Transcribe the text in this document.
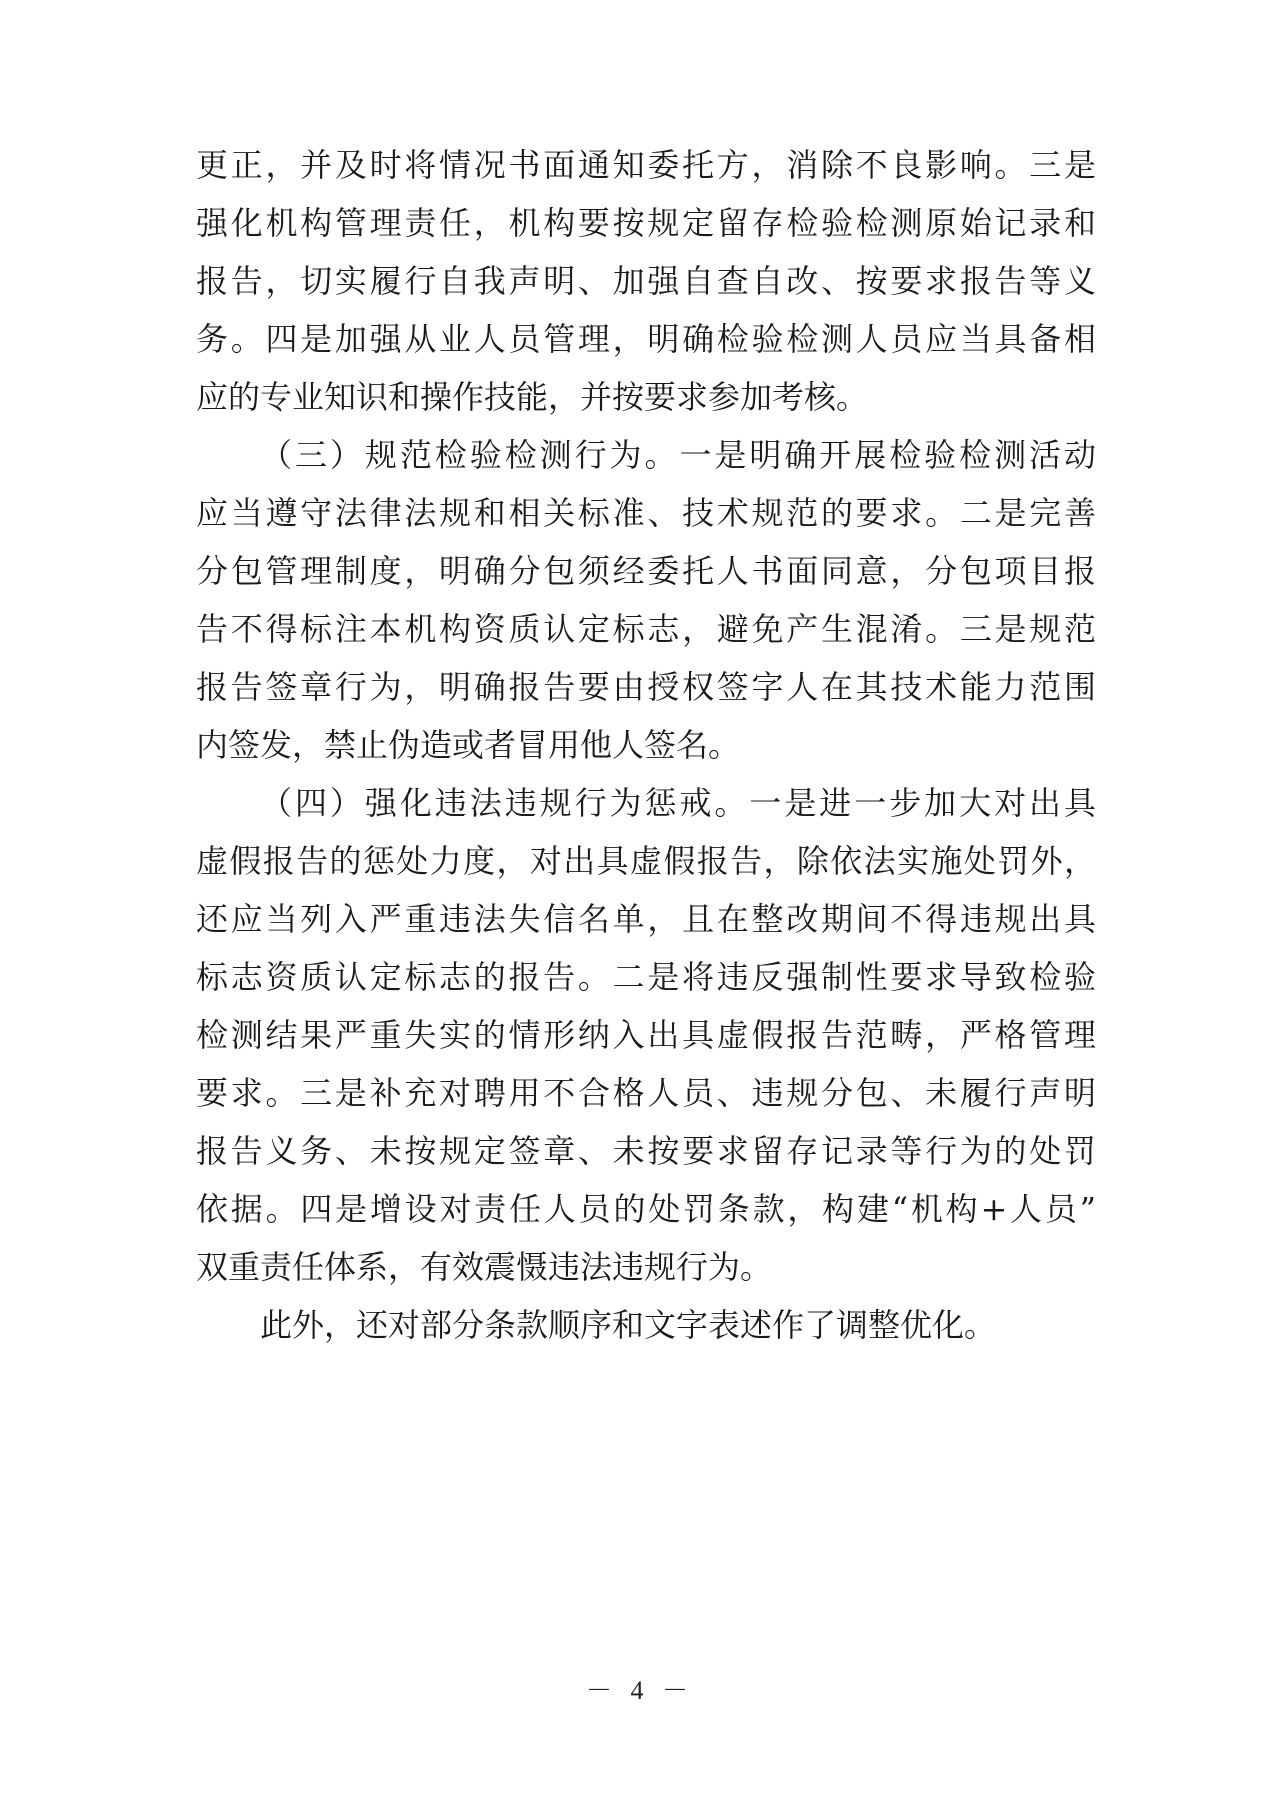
更正，并及时将情况书面通知委托方，消除不良影响。三是
强化机构管理责任，机构要按规定留存检验检测原始记录和
报告，切实履行自我声明、加强自查自改、按要求报告等义
务。四是加强从业人员管理，明确检验检测人员应当具备相
应的专业知识和操作技能，并按要求参加考核。
（三）规范检验检测行为。一是明确开展检验检测活动
应当遵守法律法规和相关标准、技术规范的要求。二是完善
分包管理制度，明确分包须经委托人书面同意，分包项目报
告不得标注本机构资质认定标志，避免产生混淆。三是规范
报告签章行为，明确报告要由授权签字人在其技术能力范围
内签发，禁止伪造或者冒用他人签名。
（四）强化违法违规行为惩戒。一是进一步加大对出具
虚假报告的惩处力度，对出具虚假报告，除依法实施处罚外，
还应当列入严重违法失信名单，且在整改期间不得违规出具
标志资质认定标志的报告。二是将违反强制性要求导致检验
检测结果严重失实的情形纳入出具虚假报告范畴，严格管理
要求。三是补充对聘用不合格人员、违规分包、未履行声明
报告义务、未按规定签章、未按要求留存记录等行为的处罚
依据。四是增设对责任人员的处罚条款，构建“机构+人员”
双重责任体系，有效震慑违法违规行为。
此外，还对部分条款顺序和文字表述作了调整优化。
－ 4 －
